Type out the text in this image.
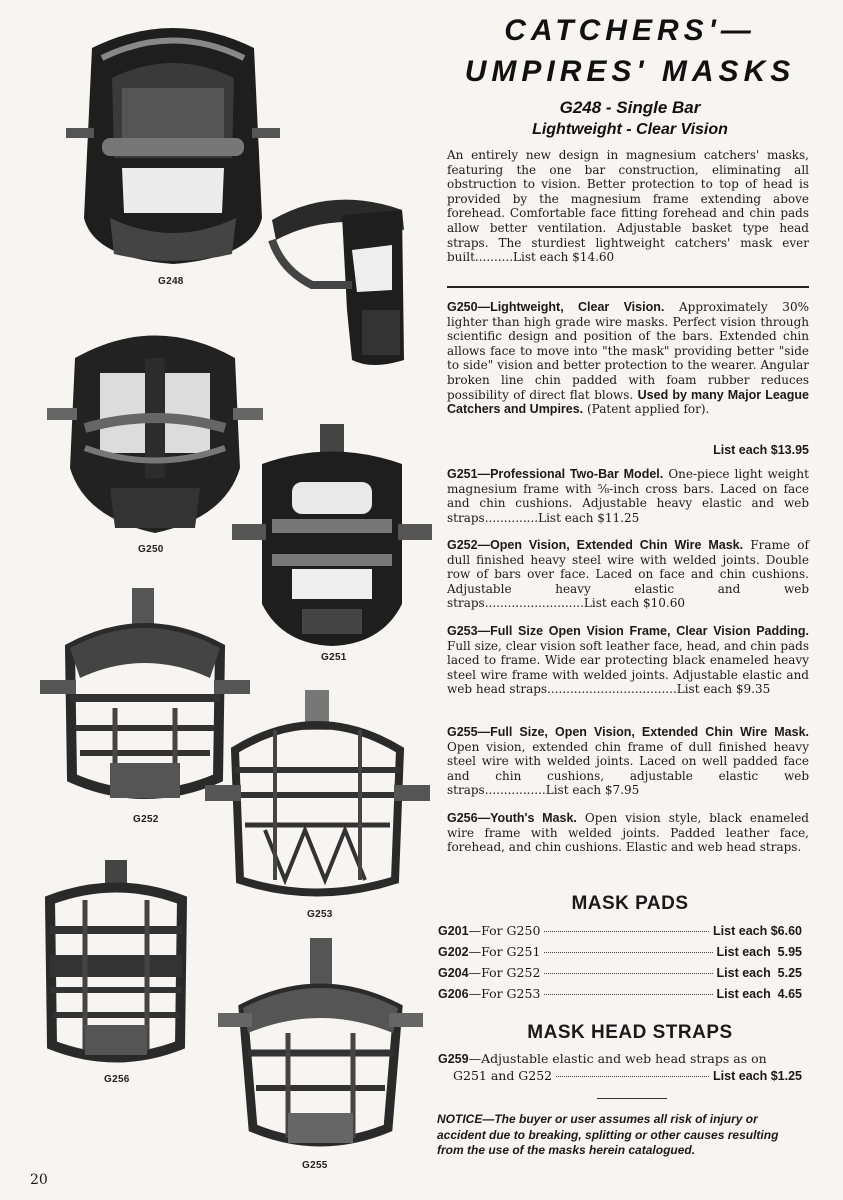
G248
G250
G251
G252
G253
G256
G255
CATCHERS'—
UMPIRES' MASKS
G248 - Single Bar
Lightweight - Clear Vision

An entirely new design in magnesium catchers' masks, featuring the one bar construction, eliminating all obstruction to vision. Better protection to top of head is provided by the magnesium frame extending above forehead. Comfortable face fitting forehead and chin pads allow better ventilation. Adjustable basket type head straps. The sturdiest lightweight catchers' mask ever built..........List each $14.60

G250—Lightweight, Clear Vision. Approximately 30% lighter than high grade wire masks. Perfect vision through scientific design and position of the bars. Extended chin allows face to move into "the mask" providing better "side to side" vision and better protection to the wearer. Angular broken line chin padded with foam rubber reduces possibility of direct flat blows. Used by many Major League Catchers and Umpires. (Patent applied for).

List each $13.95

G251—Professional Two-Bar Model. One-piece light weight magnesium frame with ⅝-inch cross bars. Laced on face and chin cushions. Adjustable heavy elastic and web straps..............List each $11.25

G252—Open Vision, Extended Chin Wire Mask. Frame of dull finished heavy steel wire with welded joints. Double row of bars over face. Laced on face and chin cushions. Adjustable heavy elastic and web straps..........................List each $10.60

G253—Full Size Open Vision Frame, Clear Vision Padding. Full size, clear vision soft leather face, head, and chin pads laced to frame. Wide ear protecting black enameled heavy steel wire frame with welded joints. Adjustable elastic and web head straps..................................List each $9.35

G255—Full Size, Open Vision, Extended Chin Wire Mask. Open vision, extended chin frame of dull finished heavy steel wire with welded joints. Laced on well padded face and chin cushions, adjustable elastic web straps................List each $7.95

G256—Youth's Mask. Open vision style, black enameled wire frame with welded joints. Padded leather face, forehead, and chin cushions. Elastic and web head straps.

MASK PADS
G201 —For G250	List each $6.60
G202 —For G251	List each  5.95
G204 —For G252	List each  5.25
G206 —For G253	List each  4.65
MASK HEAD STRAPS
G259 —Adjustable elastic and web head straps as on
G251 and G252	List each $1.25

NOTICE—The buyer or user assumes all risk of injury or accident due to breaking, splitting or other causes resulting from the use of the masks herein catalogued.

20
